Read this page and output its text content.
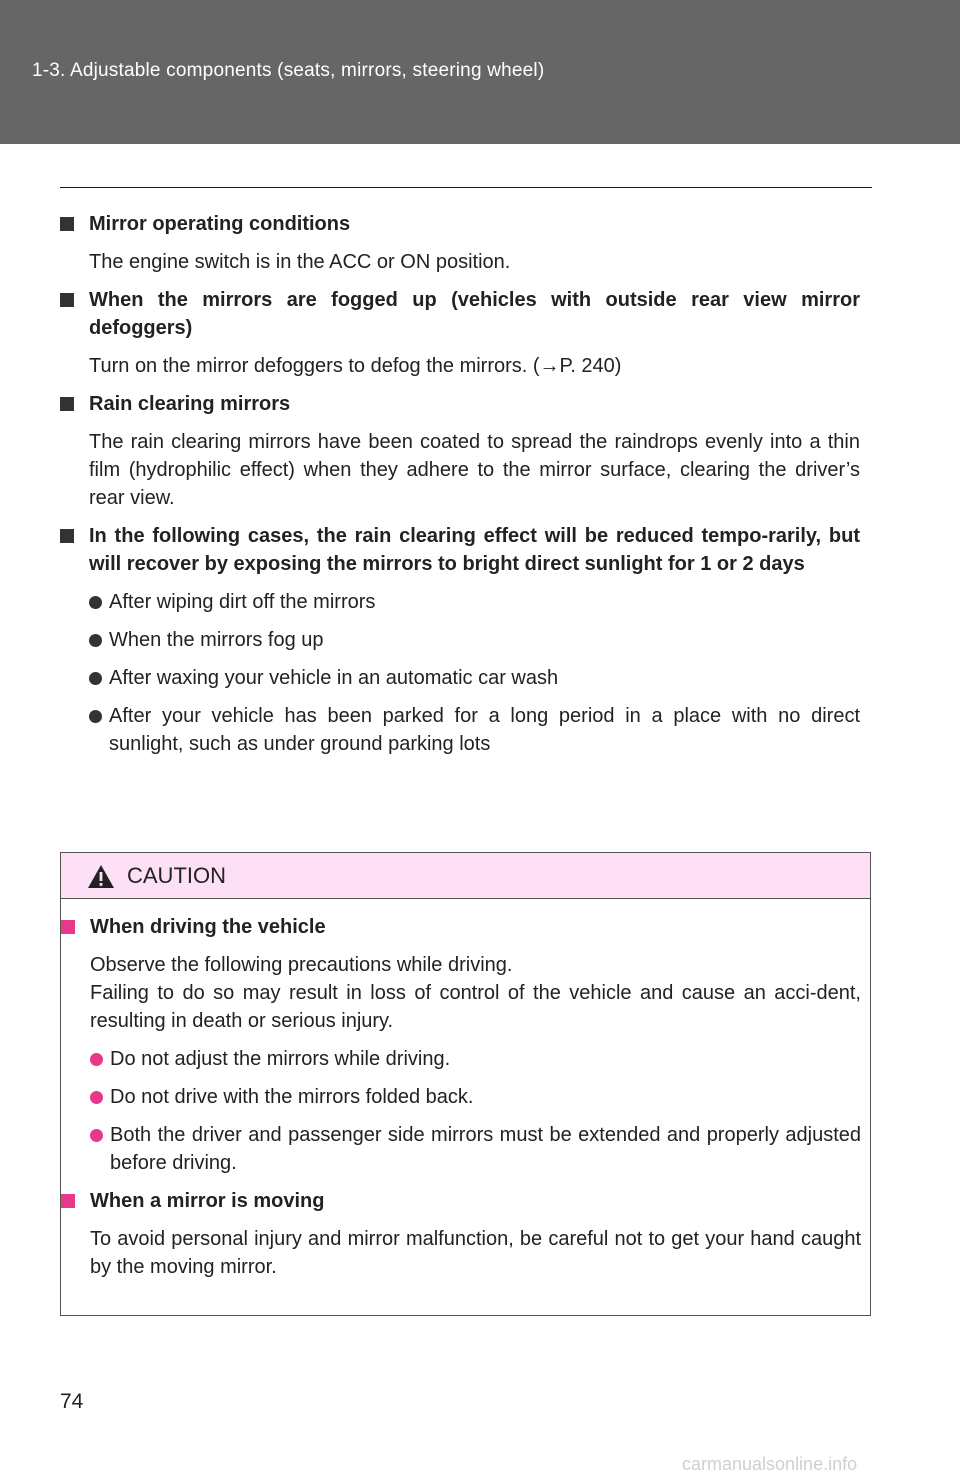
1-3. Adjustable components (seats, mirrors, steering wheel)
Mirror operating conditions
The engine switch is in the ACC or ON position.
When the mirrors are fogged up (vehicles with outside rear view mirror defoggers)
Turn on the mirror defoggers to defog the mirrors. (→P. 240)
Rain clearing mirrors
The rain clearing mirrors have been coated to spread the raindrops evenly into a thin film (hydrophilic effect) when they adhere to the mirror surface, clearing the driver’s rear view.
In the following cases, the rain clearing effect will be reduced tempo-rarily, but will recover by exposing the mirrors to bright direct sunlight for 1 or 2 days
After wiping dirt off the mirrors
When the mirrors fog up
After waxing your vehicle in an automatic car wash
After your vehicle has been parked for a long period in a place with no direct sunlight, such as under ground parking lots
CAUTION
When driving the vehicle
Observe the following precautions while driving.
Failing to do so may result in loss of control of the vehicle and cause an acci-dent, resulting in death or serious injury.
Do not adjust the mirrors while driving.
Do not drive with the mirrors folded back.
Both the driver and passenger side mirrors must be extended and properly adjusted before driving.
When a mirror is moving
To avoid personal injury and mirror malfunction, be careful not to get your hand caught by the moving mirror.
74
carmanualsonline.info
